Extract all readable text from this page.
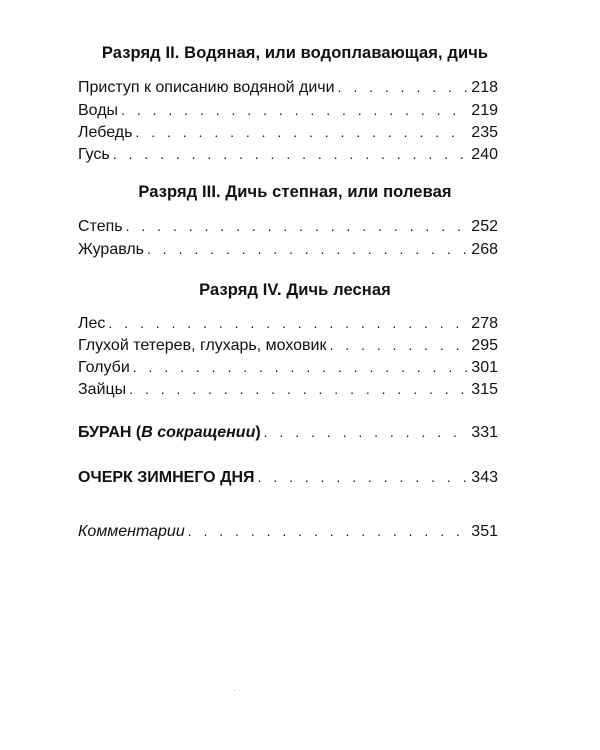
Разряд II. Водяная, или водоплавающая, дичь
Приступ к описанию водяной дичи . . .	218
Воды . . .	219
Лебедь . . .	235
Гусь . . .	240
Разряд III. Дичь степная, или полевая
Степь . . .	252
Журавль . . .	268
Разряд IV. Дичь лесная
Лес . . .	278
Глухой тетерев, глухарь, моховик . . .	295
Голуби . . .	301
Зайцы . . .	315
БУРАН (В сокращении) . . .	331
ОЧЕРК ЗИМНЕГО ДНЯ . . .	343
Комментарии . . .	351
. .
